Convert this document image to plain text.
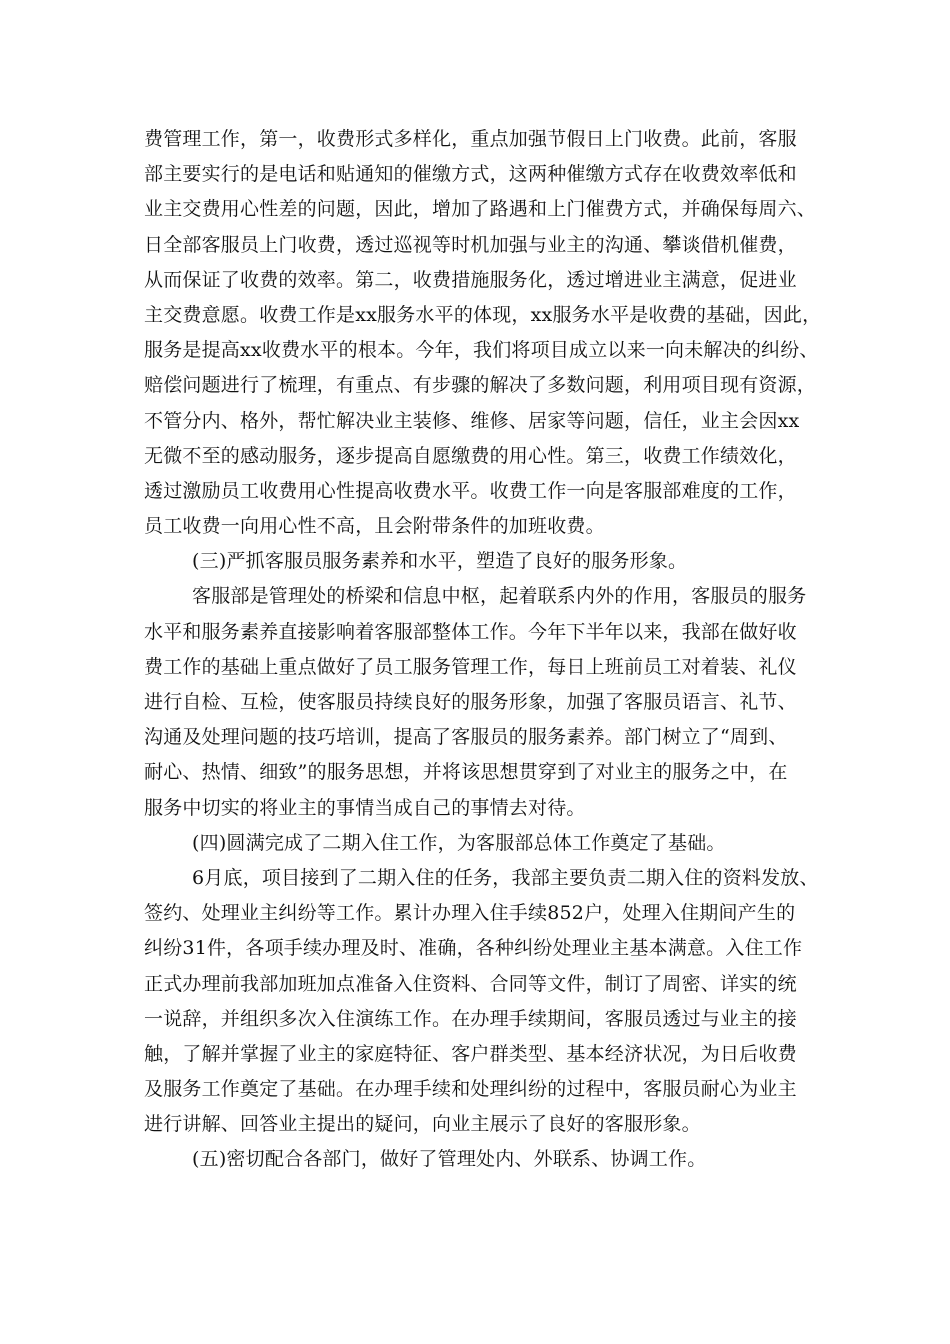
费管理工作，第一，收费形式多样化，重点加强节假日上门收费。此前，客服
部主要实行的是电话和贴通知的催缴方式，这两种催缴方式存在收费效率低和
业主交费用心性差的问题，因此，增加了路遇和上门催费方式，并确保每周六、
日全部客服员上门收费，透过巡视等时机加强与业主的沟通、攀谈借机催费，
从而保证了收费的效率。第二，收费措施服务化，透过增进业主满意，促进业
主交费意愿。收费工作是xx服务水平的体现，xx服务水平是收费的基础，因此，
服务是提高xx收费水平的根本。今年，我们将项目成立以来一向未解决的纠纷、
赔偿问题进行了梳理，有重点、有步骤的解决了多数问题，利用项目现有资源，
不管分内、格外，帮忙解决业主装修、维修、居家等问题，信任，业主会因xx
无微不至的感动服务，逐步提高自愿缴费的用心性。第三，收费工作绩效化，
透过激励员工收费用心性提高收费水平。收费工作一向是客服部难度的工作，
员工收费一向用心性不高，且会附带条件的加班收费。
(三)严抓客服员服务素养和水平，塑造了良好的服务形象。
客服部是管理处的桥梁和信息中枢，起着联系内外的作用，客服员的服务
水平和服务素养直接影响着客服部整体工作。今年下半年以来，我部在做好收
费工作的基础上重点做好了员工服务管理工作，每日上班前员工对着装、礼仪
进行自检、互检，使客服员持续良好的服务形象，加强了客服员语言、礼节、
沟通及处理问题的技巧培训，提高了客服员的服务素养。部门树立了“周到、
耐心、热情、细致”的服务思想，并将该思想贯穿到了对业主的服务之中，在
服务中切实的将业主的事情当成自己的事情去对待。
(四)圆满完成了二期入住工作，为客服部总体工作奠定了基础。
6月底，项目接到了二期入住的任务，我部主要负责二期入住的资料发放、
签约、处理业主纠纷等工作。累计办理入住手续852户，处理入住期间产生的
纠纷31件，各项手续办理及时、准确，各种纠纷处理业主基本满意。入住工作
正式办理前我部加班加点准备入住资料、合同等文件，制订了周密、详实的统
一说辞，并组织多次入住演练工作。在办理手续期间，客服员透过与业主的接
触，了解并掌握了业主的家庭特征、客户群类型、基本经济状况，为日后收费
及服务工作奠定了基础。在办理手续和处理纠纷的过程中，客服员耐心为业主
进行讲解、回答业主提出的疑问，向业主展示了良好的客服形象。
(五)密切配合各部门，做好了管理处内、外联系、协调工作。
